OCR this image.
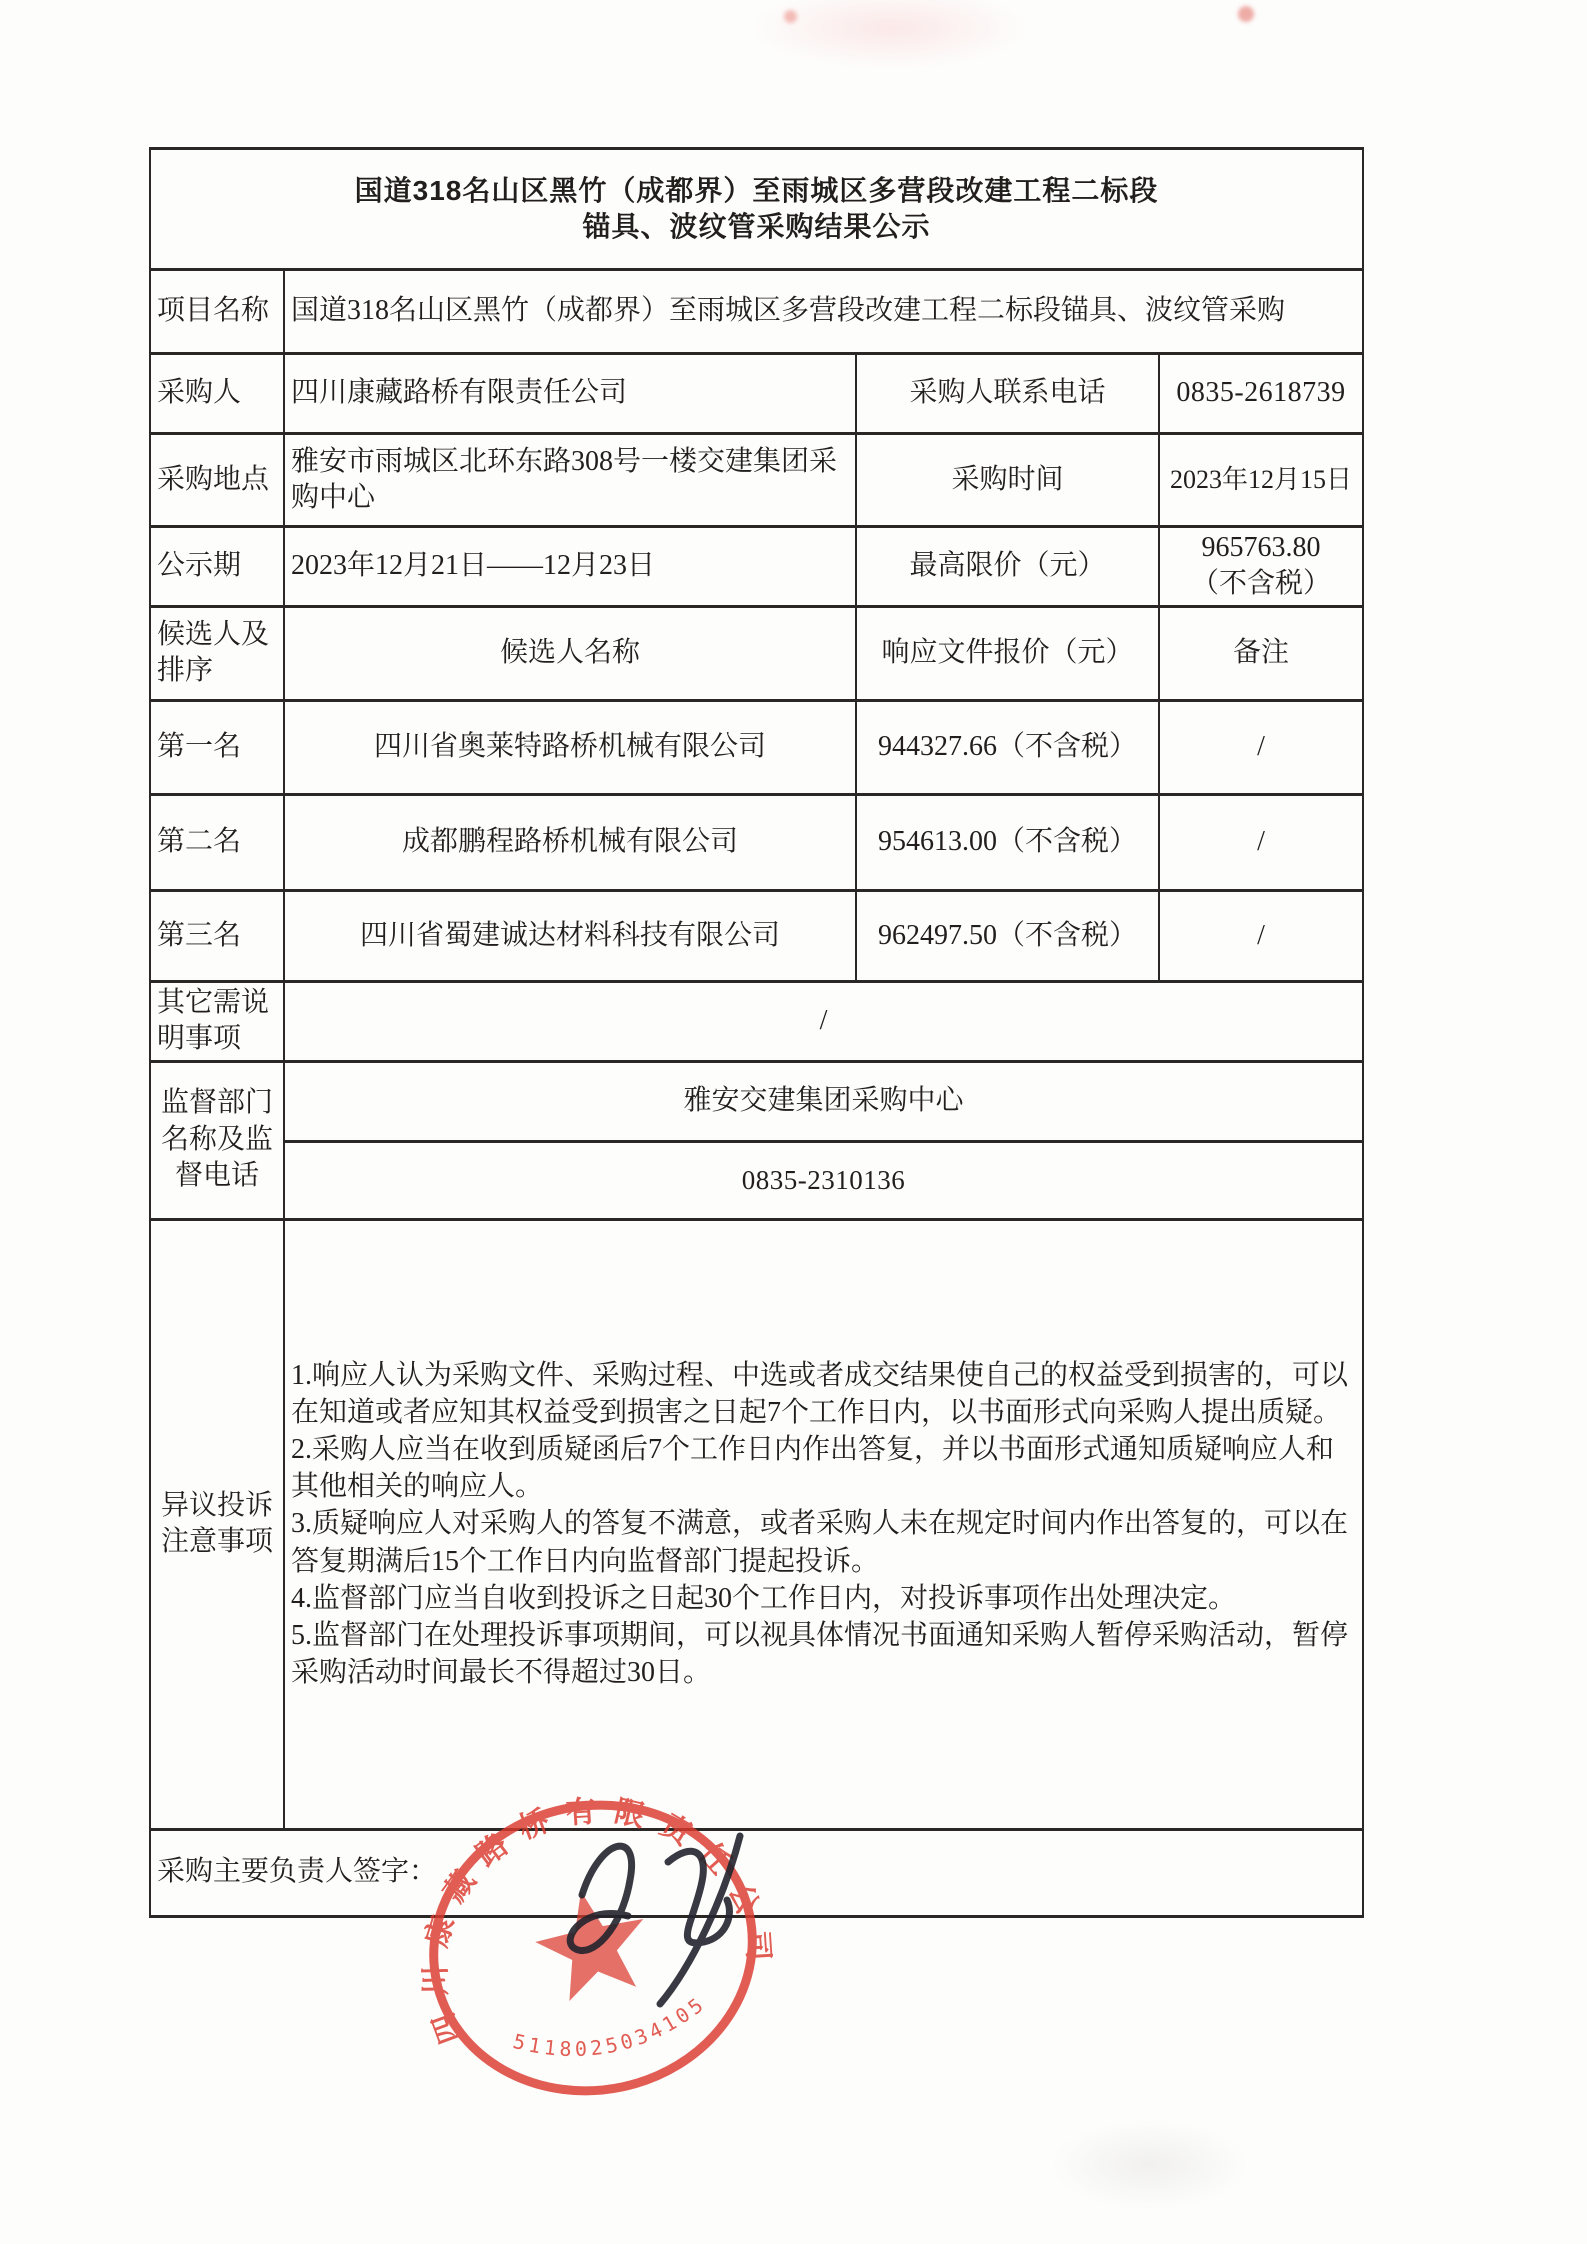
国道318名山区黑竹（成都界）至雨城区多营段改建工程二标段
锚具、波纹管采购结果公示			

项目名称	国道318名山区黑竹（成都界）至雨城区多营段改建工程二标段锚具、波纹管采购		
采购人	四川康藏路桥有限责任公司	采购人联系电话	0835-2618739
采购地点	雅安市雨城区北环东路308号一楼交建集团采购中心	采购时间	2023年12月15日
公示期	2023年12月21日——12月23日	最高限价（元）	965763.80
（不含税）

候选人及排序	候选人名称	响应文件报价（元）	备注
第一名	四川省奥莱特路桥机械有限公司	944327.66（不含税）	/
第二名	成都鹏程路桥机械有限公司	954613.00（不含税）	/
第三名	四川省蜀建诚达材料科技有限公司	962497.50（不含税）	/
其它需说明事项	/		
监督部门名称及监督电话	雅安交建集团采购中心		
	0835-2310136		
异议投诉注意事项	1.响应人认为采购文件、采购过程、中选或者成交结果使自己的权益受到损害的，可以在知道或者应知其权益受到损害之日起7个工作日内，以书面形式向采购人提出质疑。

2.采购人应当在收到质疑函后7个工作日内作出答复，并以书面形式通知质疑响应人和其他相关的响应人。

3.质疑响应人对采购人的答复不满意，或者采购人未在规定时间内作出答复的，可以在答复期满后15个工作日内向监督部门提起投诉。

4.监督部门应当自收到投诉之日起30个工作日内，对投诉事项作出处理决定。

5.监督部门在处理投诉事项期间，可以视具体情况书面通知采购人暂停采购活动，暂停采购活动时间最长不得超过30日。		

采购主要负责人签字：			
四川康藏路桥有限责任公司
5118025034105
